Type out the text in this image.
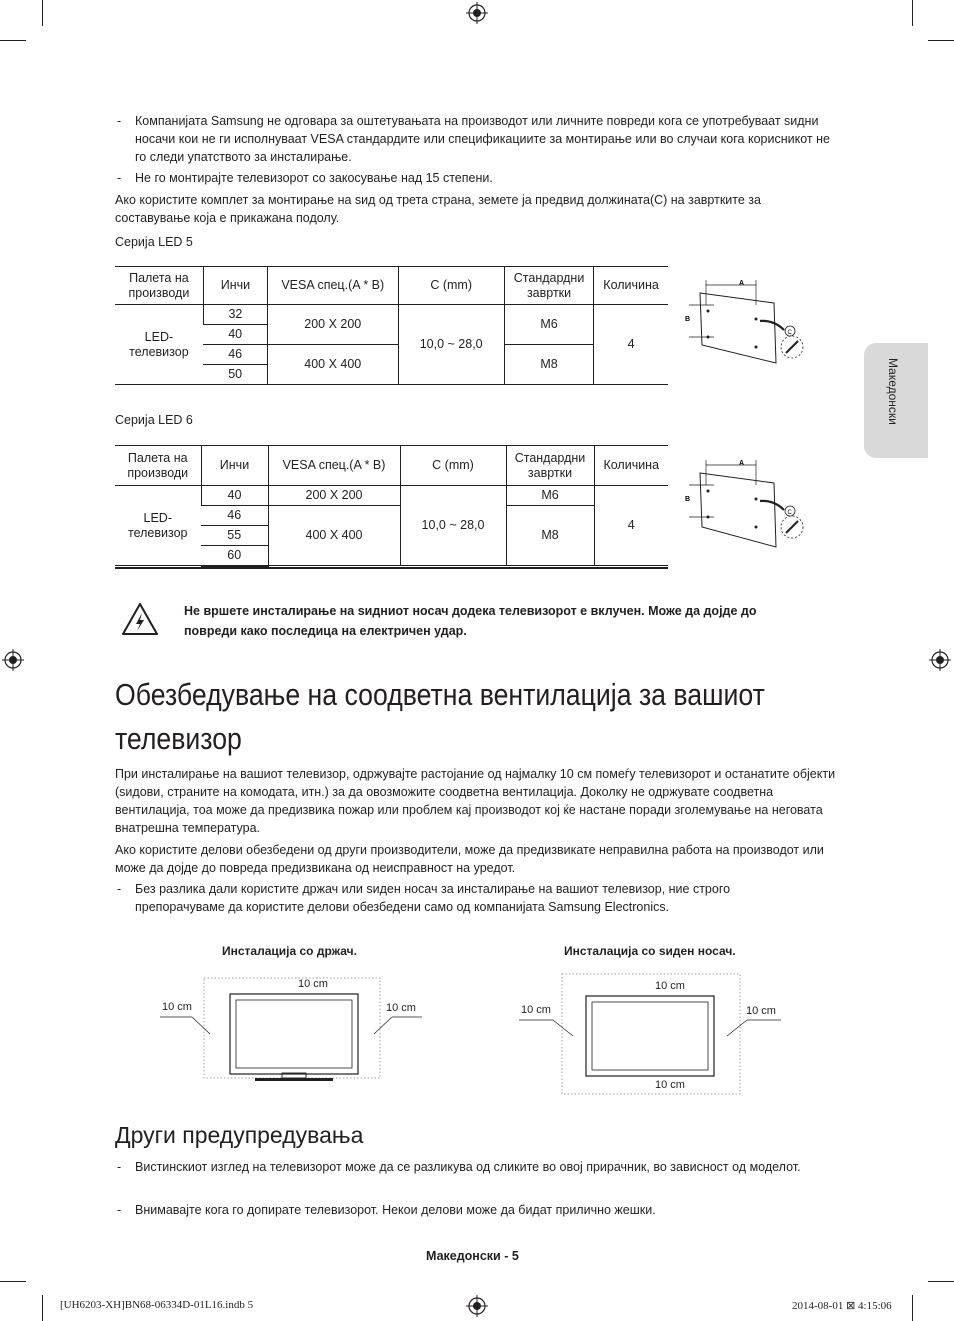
Македонски
- Компанијата Samsung не одговара за оштетувањата на производот или личните повреди кога се употребуваат sидни носачи кои не ги исполнуваат VESA стандардите или спецификациите за монтирање или во случаи кога корисникот не го следи упатството за инсталирање.
- Не го монтирајте телевизорот со закосување над 15 степени.
Ако користите комплет за монтирање на sид од трета страна, земете ја предвид должината(C) на завртките за составување која е прикажана подолу.
Серија LED 5
Палета на производи	Инчи	VESA спец.(A * B)	C (mm)	Стандардни завртки	Количина
LED-телевизор	32	200 X 200	10,0 ~ 28,0	M6	4
	40				
	46	400 X 400		M8	
	50				
A
B
C
Серија LED 6
Палета на производи	Инчи	VESA спец.(A * B)	C (mm)	Стандардни завртки	Количина
LED-телевизор	40	200 X 200	10,0 ~ 28,0	M6	4
	46	400 X 400		M8	
	55				
	60				
A
B
C
Не вршете инсталирање на sидниот носач додека телевизорот е вклучен. Може да дојде до повреди како последица на електричен удар.
Обезбедување на соодветна вентилација за вашиот телевизор
При инсталирање на вашиот телевизор, одржувајте растојание од најмалку 10 см помеѓу телевизорот и останатите објекти (sидови, страните на комодата, итн.) за да овозможите соодветна вентилација. Доколку не одржувате соодветна вентилација, тоа може да предизвика пожар или проблем кај производот кој ќе настане поради зголемување на неговата внатрешна температура.
Ако користите делови обезбедени од други производители, може да предизвикате неправилна работа на производот или може да дојде до повреда предизвикана од неисправност на уредот.
- Без разлика дали користите држач или sиден носач за инсталирање на вашиот телевизор, ние строго препорачуваме да користите делови обезбедени само од компанијата Samsung Electronics.
Инсталација со држач.
10 cm	10 cm
10 cm
Инсталација со sиден носач.
10 cm	10 cm
10 cm
10 cm
Други предупредувања
- Вистинскиот изглед на телевизорот може да се разликува од сликите во овој прирачник, во зависност од моделот.
- Внимавајте кога го допирате телевизорот. Некои делови може да бидат прилично жешки.
Македонски - 5
[UH6203-XH]BN68-06334D-01L16.indb 5	2014-08-01 ⊠ 4:15:06
